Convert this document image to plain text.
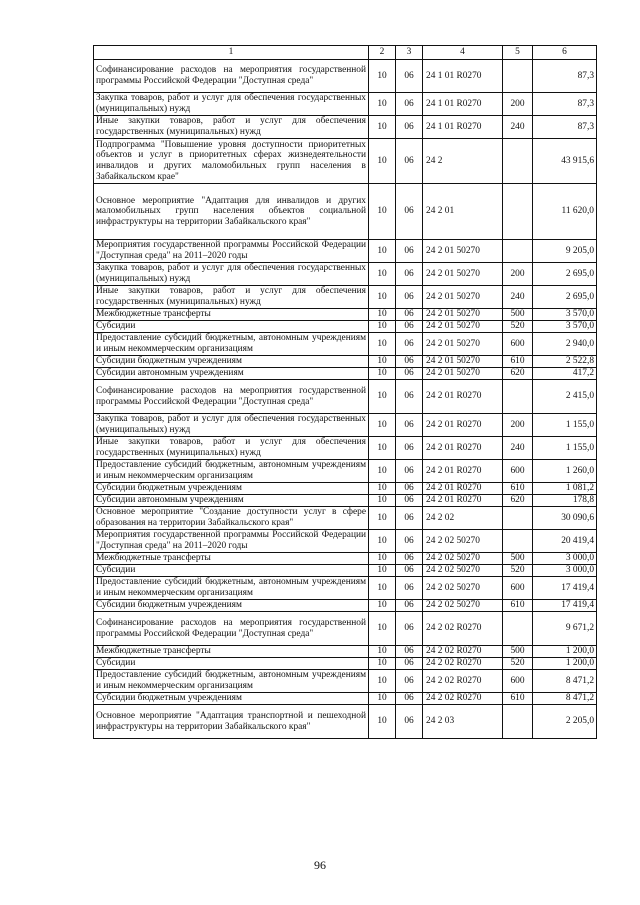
1	2	3	4	5	6
Софинансирование расходов на мероприятия государственной программы Российской Федерации "Доступная среда"	10	06	24 1 01 R0270		87,3
Закупка товаров, работ и услуг для обеспечения государственных (муниципальных) нужд	10	06	24 1 01 R0270	200	87,3
Иные закупки товаров, работ и услуг для обеспечения государственных (муниципальных) нужд	10	06	24 1 01 R0270	240	87,3
Подпрограмма "Повышение уровня доступности приоритетных объектов и услуг в приоритетных сферах жизнедеятельности инвалидов и других маломобильных групп населения в Забайкальском крае"	10	06	24 2		43 915,6
Основное мероприятие "Адаптация для инвалидов и других маломобильных групп населения объектов социальной инфраструктуры на территории Забайкальского края"	10	06	24 2 01		11 620,0
Мероприятия государственной программы Российской Федерации "Доступная среда" на 2011–2020 годы	10	06	24 2 01 50270		9 205,0
Закупка товаров, работ и услуг для обеспечения государственных (муниципальных) нужд	10	06	24 2 01 50270	200	2 695,0
Иные закупки товаров, работ и услуг для обеспечения государственных (муниципальных) нужд	10	06	24 2 01 50270	240	2 695,0
Межбюджетные трансферты	10	06	24 2 01 50270	500	3 570,0
Субсидии	10	06	24 2 01 50270	520	3 570,0
Предоставление субсидий бюджетным, автономным учреждениям и иным некоммерческим организациям	10	06	24 2 01 50270	600	2 940,0
Субсидии бюджетным учреждениям	10	06	24 2 01 50270	610	2 522,8
Субсидии автономным учреждениям	10	06	24 2 01 50270	620	417,2
Софинансирование расходов на мероприятия государственной программы Российской Федерации "Доступная среда"	10	06	24 2 01 R0270		2 415,0
Закупка товаров, работ и услуг для обеспечения государственных (муниципальных) нужд	10	06	24 2 01 R0270	200	1 155,0
Иные закупки товаров, работ и услуг для обеспечения государственных (муниципальных) нужд	10	06	24 2 01 R0270	240	1 155,0
Предоставление субсидий бюджетным, автономным учреждениям и иным некоммерческим организациям	10	06	24 2 01 R0270	600	1 260,0
Субсидии бюджетным учреждениям	10	06	24 2 01 R0270	610	1 081,2
Субсидии автономным учреждениям	10	06	24 2 01 R0270	620	178,8
Основное мероприятие "Создание доступности услуг в сфере образования на территории Забайкальского края"	10	06	24 2 02		30 090,6
Мероприятия государственной программы Российской Федерации "Доступная среда" на 2011–2020 годы	10	06	24 2 02 50270		20 419,4
Межбюджетные трансферты	10	06	24 2 02 50270	500	3 000,0
Субсидии	10	06	24 2 02 50270	520	3 000,0
Предоставление субсидий бюджетным, автономным учреждениям и иным некоммерческим организациям	10	06	24 2 02 50270	600	17 419,4
Субсидии бюджетным учреждениям	10	06	24 2 02 50270	610	17 419,4
Софинансирование расходов на мероприятия государственной программы Российской Федерации "Доступная среда"	10	06	24 2 02 R0270		9 671,2
Межбюджетные трансферты	10	06	24 2 02 R0270	500	1 200,0
Субсидии	10	06	24 2 02 R0270	520	1 200,0
Предоставление субсидий бюджетным, автономным учреждениям и иным некоммерческим организациям	10	06	24 2 02 R0270	600	8 471,2
Субсидии бюджетным учреждениям	10	06	24 2 02 R0270	610	8 471,2
Основное мероприятие "Адаптация транспортной и пешеходной инфраструктуры на территории Забайкальского края"	10	06	24 2 03		2 205,0
96
